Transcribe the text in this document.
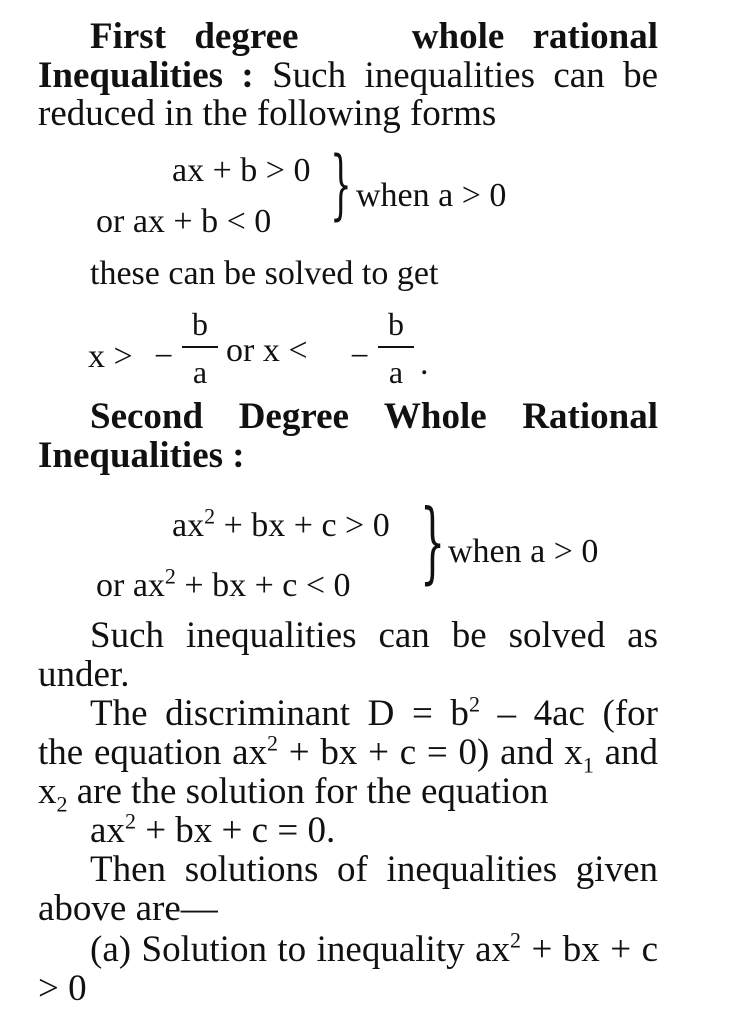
First degree    whole rational
Inequalities : Such inequalities can be
reduced in the following forms
ax + b > 0
or ax + b < 0 } when a > 0
these can be solved to get
x > −
b
a
or x < −
b
a .
Second Degree Whole Rational
Inequalities :
$ax^2$ + bx + c > 0
or $ax^2$ + bx + c < 0 } when a > 0
Such inequalities can be solved as
under.
The discriminant $D = b^2 - 4ac$ (for
the equation $ax^2$ + bx + c = 0) and $x_1$ and
$x_2$ are the solution for the equation
$ax^2$ + bx + c = 0.
Then solutions of inequalities given
above are—
(a) Solution to inequality $ax^2$ + bx + c
> 0
